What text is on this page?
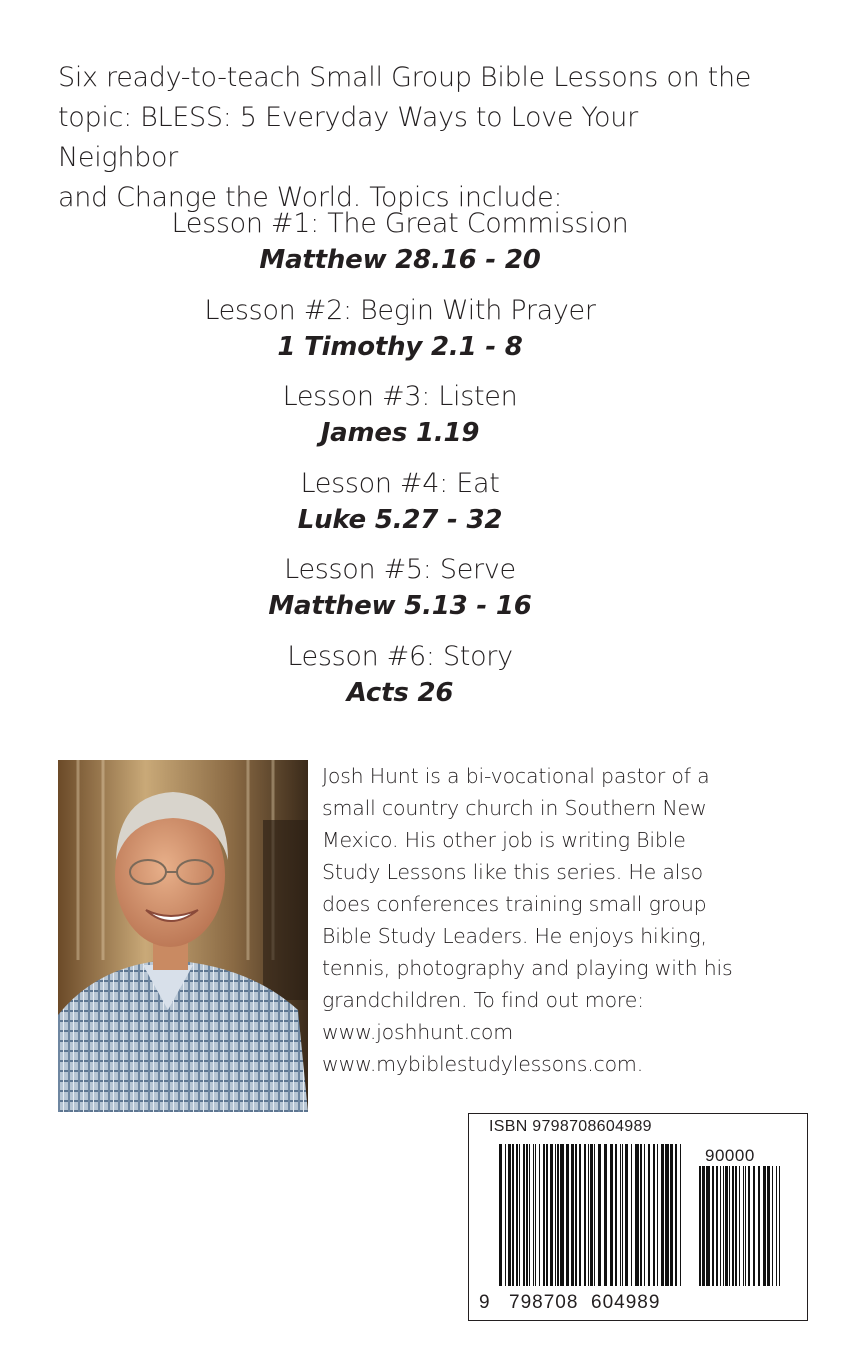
Six ready-to-teach Small Group Bible Lessons on the
topic: BLESS: 5 Everyday Ways to Love Your Neighbor
and Change the World. Topics include:
Lesson #1: The Great Commission
Matthew 28.16 - 20
Lesson #2: Begin With Prayer
1 Timothy 2.1 - 8
Lesson #3: Listen
James 1.19
Lesson #4: Eat
Luke 5.27 - 32
Lesson #5: Serve
Matthew 5.13 - 16
Lesson #6: Story
Acts 26
Josh Hunt is a bi-vocational pastor of a
small country church in Southern New
Mexico. His other job is writing Bible
Study Lessons like this series. He also
does conferences training small group
Bible Study Leaders. He enjoys hiking,
tennis, photography and playing with his
grandchildren. To find out more:
www.joshhunt.com
www.mybiblestudylessons.com.
ISBN 9798708604989
90000
9 798708 604989
